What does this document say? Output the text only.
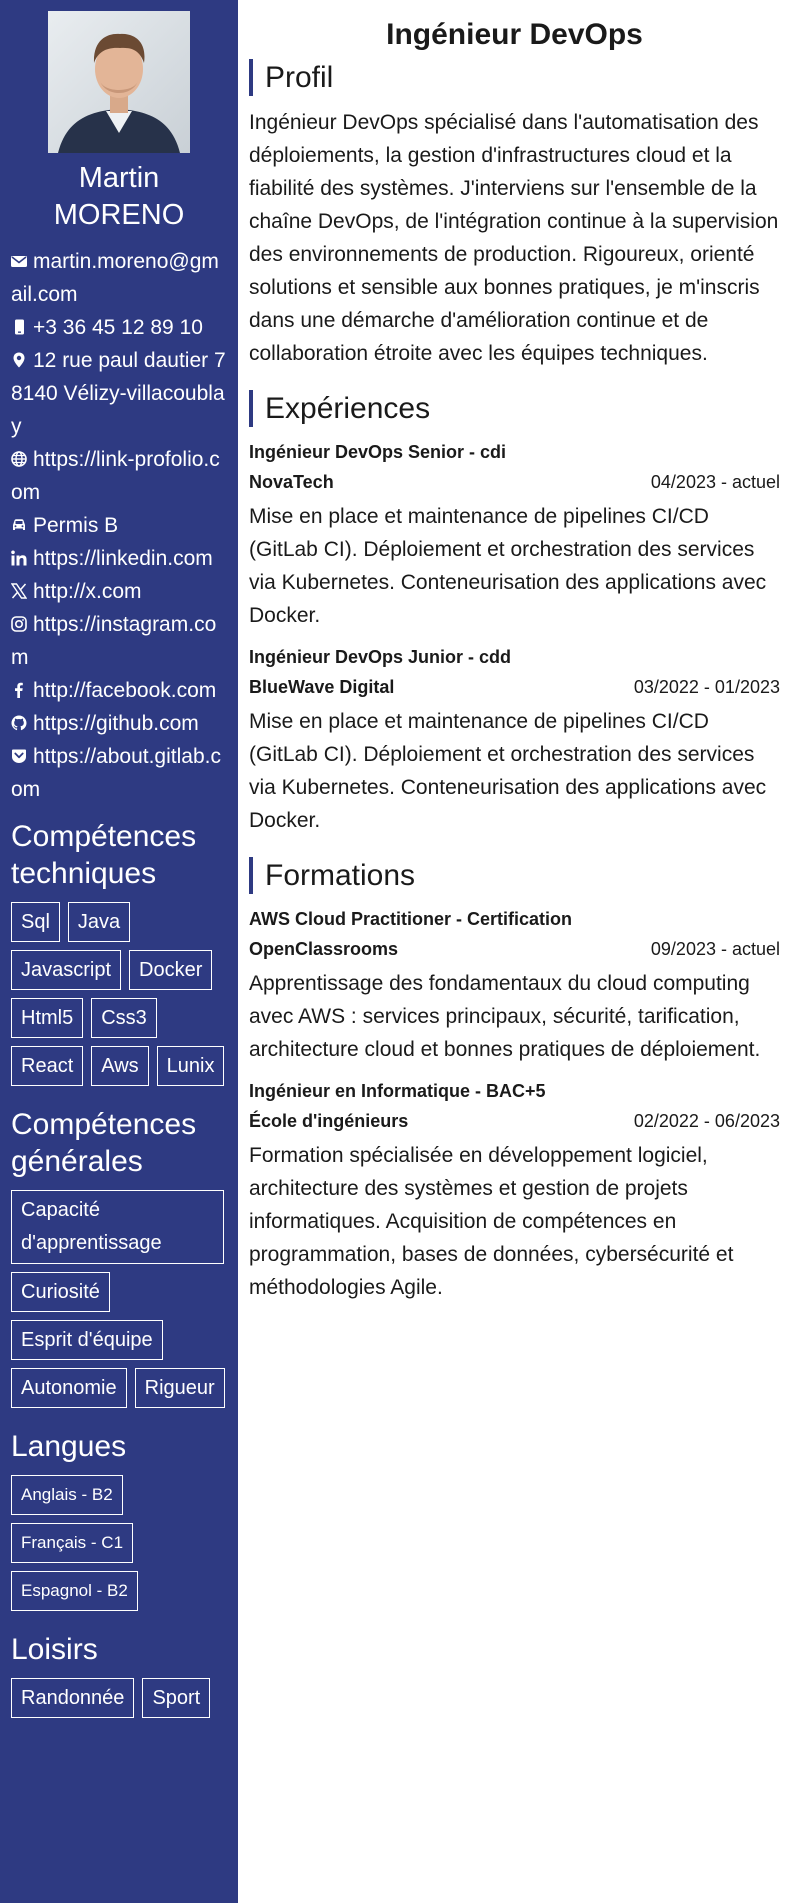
Martin
MORENO
martin.moreno@gmail.com
+3 36 45 12 89 10
12 rue paul dautier 78140 Vélizy-villacoublay
https://link-profolio.com
Permis B
https://linkedin.com
http://x.com
https://instagram.com
http://facebook.com
https://github.com
https://about.gitlab.com
Compétences techniques
Sql	Java
Javascript	Docker
Html5	Css3
React	Aws	Lunix
Compétences générales
Capacité d'apprentissage
Curiosité
Esprit d'équipe
Autonomie	Rigueur
Langues
Anglais - B2
Français - C1
Espagnol - B2
Loisirs
Randonnée	Sport
Ingénieur DevOps
Profil

Ingénieur DevOps spécialisé dans l'automatisation des déploiements, la gestion d'infrastructures cloud et la fiabilité des systèmes. J'interviens sur l'ensemble de la chaîne DevOps, de l'intégration continue à la supervision des environnements de production. Rigoureux, orienté solutions et sensible aux bonnes pratiques, je m'inscris dans une démarche d'amélioration continue et de collaboration étroite avec les équipes techniques.

Expériences
Ingénieur DevOps Senior - cdi
NovaTech	04/2023 - actuel

Mise en place et maintenance de pipelines CI/CD (GitLab CI). Déploiement et orchestration des services via Kubernetes. Conteneurisation des applications avec Docker.

Ingénieur DevOps Junior - cdd
BlueWave Digital	03/2022 - 01/2023

Mise en place et maintenance de pipelines CI/CD (GitLab CI). Déploiement et orchestration des services via Kubernetes. Conteneurisation des applications avec Docker.

Formations
AWS Cloud Practitioner - Certification
OpenClassrooms	09/2023 - actuel

Apprentissage des fondamentaux du cloud computing avec AWS : services principaux, sécurité, tarification, architecture cloud et bonnes pratiques de déploiement.

Ingénieur en Informatique - BAC+5
École d'ingénieurs	02/2022 - 06/2023

Formation spécialisée en développement logiciel, architecture des systèmes et gestion de projets informatiques. Acquisition de compétences en programmation, bases de données, cybersécurité et méthodologies Agile.
